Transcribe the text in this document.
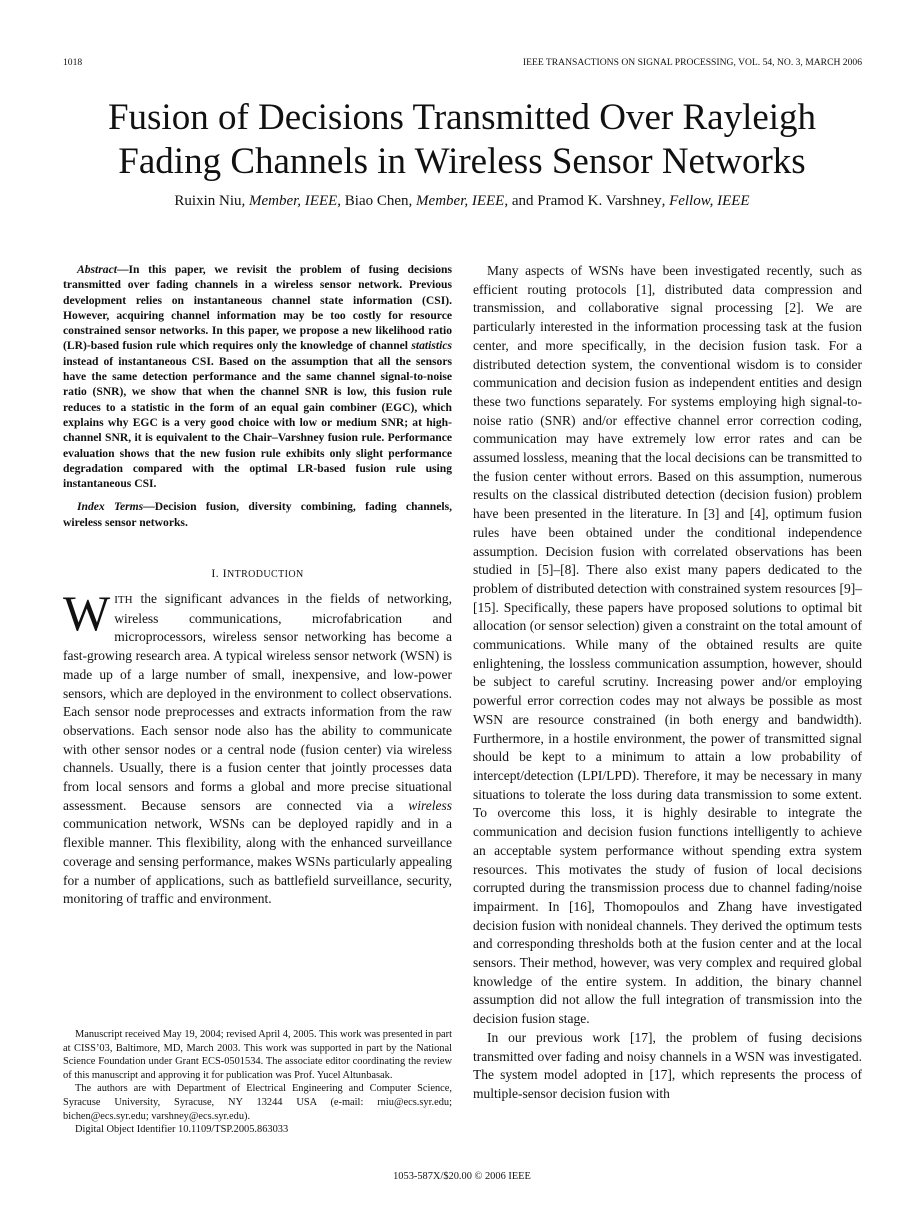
1018	IEEE TRANSACTIONS ON SIGNAL PROCESSING, VOL. 54, NO. 3, MARCH 2006
Fusion of Decisions Transmitted Over Rayleigh
Fading Channels in Wireless Sensor Networks
Ruixin Niu, Member, IEEE, Biao Chen, Member, IEEE, and Pramod K. Varshney, Fellow, IEEE

Abstract—In this paper, we revisit the problem of fusing decisions transmitted over fading channels in a wireless sensor network. Previous development relies on instantaneous channel state information (CSI). However, acquiring channel information may be too costly for resource constrained sensor networks. In this paper, we propose a new likelihood ratio (LR)-based fusion rule which requires only the knowledge of channel statistics instead of instantaneous CSI. Based on the assumption that all the sensors have the same detection performance and the same channel signal-to-noise ratio (SNR), we show that when the channel SNR is low, this fusion rule reduces to a statistic in the form of an equal gain combiner (EGC), which explains why EGC is a very good choice with low or medium SNR; at high-channel SNR, it is equivalent to the Chair–Varshney fusion rule. Performance evaluation shows that the new fusion rule exhibits only slight performance degradation compared with the optimal LR-based fusion rule using instantaneous CSI.

Index Terms—Decision fusion, diversity combining, fading channels, wireless sensor networks.

I. INTRODUCTION

WITH the significant advances in the fields of networking, wireless communications, microfabrication and microprocessors, wireless sensor networking has become a fast-growing research area. A typical wireless sensor network (WSN) is made up of a large number of small, inexpensive, and low-power sensors, which are deployed in the environment to collect observations. Each sensor node preprocesses and extracts information from the raw observations. Each sensor node also has the ability to communicate with other sensor nodes or a central node (fusion center) via wireless channels. Usually, there is a fusion center that jointly processes data from local sensors and forms a global and more precise situational assessment. Because sensors are connected via a wireless communication network, WSNs can be deployed rapidly and in a flexible manner. This flexibility, along with the enhanced surveillance coverage and sensing performance, makes WSNs particularly appealing for a number of applications, such as battlefield surveillance, security, monitoring of traffic and environment.

Many aspects of WSNs have been investigated recently, such as efficient routing protocols [1], distributed data compression and transmission, and collaborative signal processing [2]. We are particularly interested in the information processing task at the fusion center, and more specifically, in the decision fusion task. For a distributed detection system, the conventional wisdom is to consider communication and decision fusion as independent entities and design these two functions separately. For systems employing high signal-to-noise ratio (SNR) and/or effective channel error correction coding, communication may have extremely low error rates and can be assumed lossless, meaning that the local decisions can be transmitted to the fusion center without errors. Based on this assumption, numerous results on the classical distributed detection (decision fusion) problem have been presented in the literature. In [3] and [4], optimum fusion rules have been obtained under the conditional independence assumption. Decision fusion with correlated observations has been studied in [5]–[8]. There also exist many papers dedicated to the problem of distributed detection with constrained system resources [9]–[15]. Specifically, these papers have proposed solutions to optimal bit allocation (or sensor selection) given a constraint on the total amount of communications. While many of the obtained results are quite enlightening, the lossless communication assumption, however, should be subject to careful scrutiny. Increasing power and/or employing powerful error correction codes may not always be possible as most WSN are resource constrained (in both energy and bandwidth). Furthermore, in a hostile environment, the power of transmitted signal should be kept to a minimum to attain a low probability of intercept/detection (LPI/LPD). Therefore, it may be necessary in many situations to tolerate the loss during data transmission to some extent. To overcome this loss, it is highly desirable to integrate the communication and decision fusion functions intelligently to achieve an acceptable system performance without spending extra system resources. This motivates the study of fusion of local decisions corrupted during the transmission process due to channel fading/noise impairment. In [16], Thomopoulos and Zhang have investigated decision fusion with nonideal channels. They derived the optimum tests and corresponding thresholds both at the fusion center and at the local sensors. Their method, however, was very complex and required global knowledge of the entire system. In addition, the binary channel assumption did not allow the full integration of transmission into the decision fusion stage.

In our previous work [17], the problem of fusing decisions transmitted over fading and noisy channels in a WSN was investigated. The system model adopted in [17], which represents the process of multiple-sensor decision fusion with

Manuscript received May 19, 2004; revised April 4, 2005. This work was presented in part at CISS’03, Baltimore, MD, March 2003. This work was supported in part by the National Science Foundation under Grant ECS-0501534. The associate editor coordinating the review of this manuscript and approving it for publication was Prof. Yucel Altunbasak.

The authors are with Department of Electrical Engineering and Computer Science, Syracuse University, Syracuse, NY 13244 USA (e-mail: rniu@ecs.syr.edu; bichen@ecs.syr.edu; varshney@ecs.syr.edu).

Digital Object Identifier 10.1109/TSP.2005.863033

1053-587X/$20.00 © 2006 IEEE
